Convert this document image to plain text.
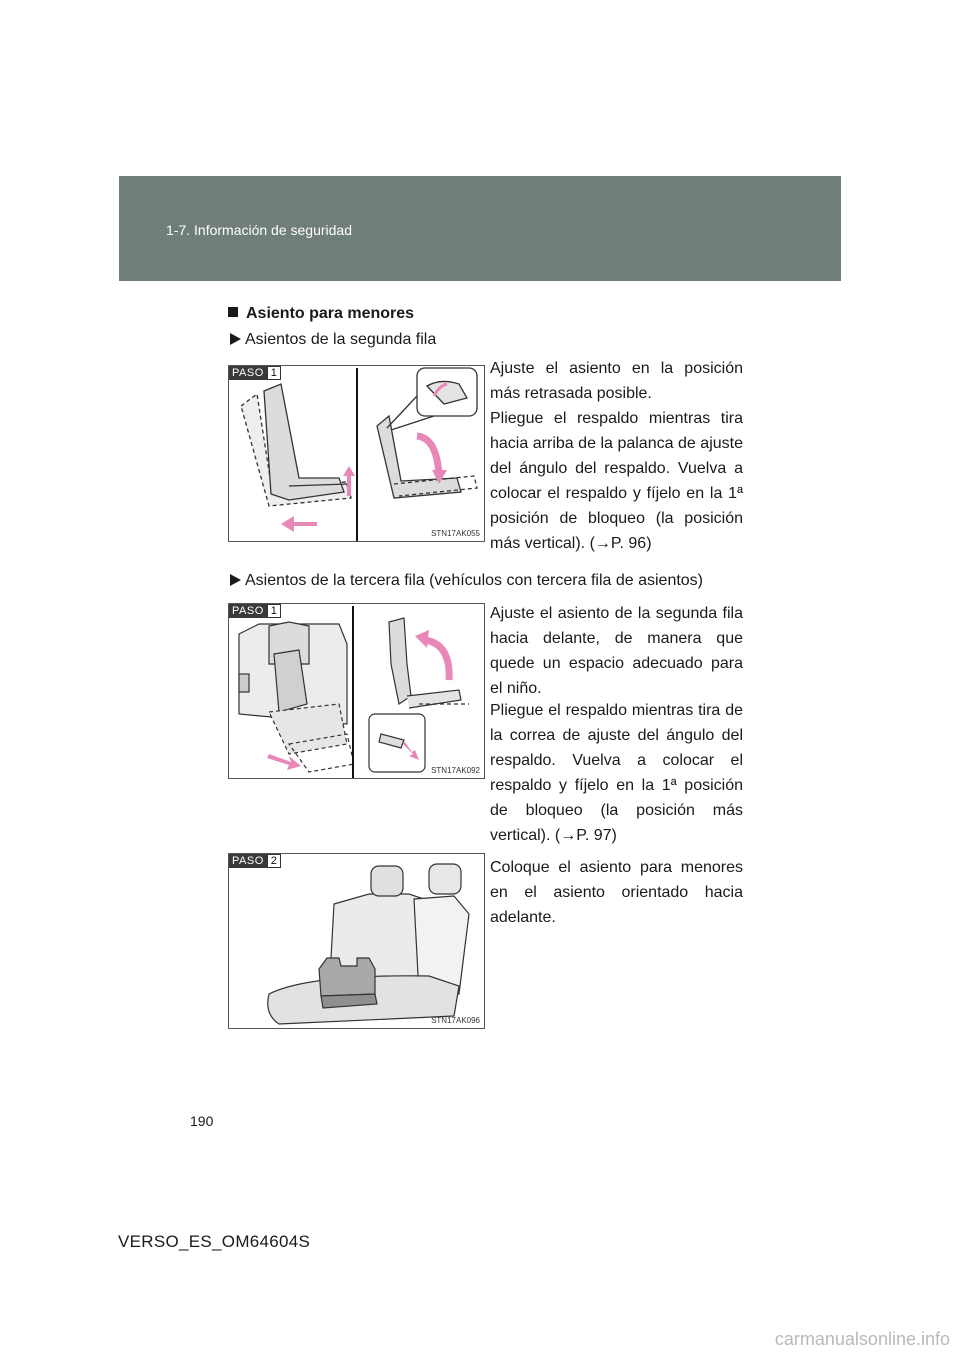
1-7. Información de seguridad
Asiento para menores
Asientos de la segunda fila
PASO 1
STN17AK055

Ajuste el asiento en la posición más retrasada posible.

Pliegue el respaldo mientras tira hacia arriba de la palanca de ajuste del ángulo del respaldo. Vuelva a colocar el respaldo y fíjelo en la 1ª posición de bloqueo (la posición más vertical). (→P. 96)

Asientos de la tercera fila (vehículos con tercera fila de asientos)
PASO 1
STN17AK092

Ajuste el asiento de la segunda fila hacia delante, de manera que quede un espacio adecuado para el niño.

Pliegue el respaldo mientras tira de la correa de ajuste del ángulo del respaldo. Vuelva a colocar el respaldo y fíjelo en la 1ª posición de bloqueo (la posición más vertical). (→P. 97)

PASO 2
STN17AK096

Coloque el asiento para menores en el asiento orientado hacia adelante.

190
VERSO_ES_OM64604S
carmanualsonline.info
